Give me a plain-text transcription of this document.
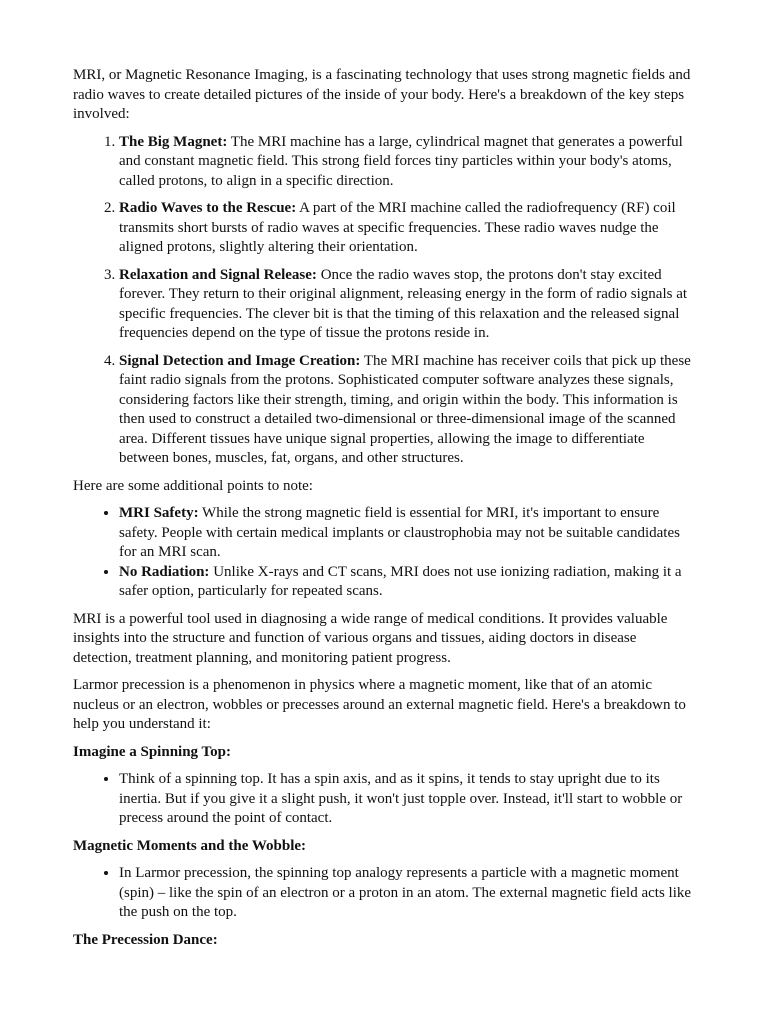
MRI, or Magnetic Resonance Imaging, is a fascinating technology that uses strong magnetic fields and radio waves to create detailed pictures of the inside of your body. Here's a breakdown of the key steps involved:

1. The Big Magnet: The MRI machine has a large, cylindrical magnet that generates a powerful and constant magnetic field. This strong field forces tiny particles within your body's atoms, called protons, to align in a specific direction.
2. Radio Waves to the Rescue: A part of the MRI machine called the radiofrequency (RF) coil transmits short bursts of radio waves at specific frequencies. These radio waves nudge the aligned protons, slightly altering their orientation.
3. Relaxation and Signal Release: Once the radio waves stop, the protons don't stay excited forever. They return to their original alignment, releasing energy in the form of radio signals at specific frequencies. The clever bit is that the timing of this relaxation and the released signal frequencies depend on the type of tissue the protons reside in.
4. Signal Detection and Image Creation: The MRI machine has receiver coils that pick up these faint radio signals from the protons. Sophisticated computer software analyzes these signals, considering factors like their strength, timing, and origin within the body. This information is then used to construct a detailed two-dimensional or three-dimensional image of the scanned area. Different tissues have unique signal properties, allowing the image to differentiate between bones, muscles, fat, organs, and other structures.

Here are some additional points to note:

• MRI Safety: While the strong magnetic field is essential for MRI, it's important to ensure safety. People with certain medical implants or claustrophobia may not be suitable candidates for an MRI scan.
• No Radiation: Unlike X-rays and CT scans, MRI does not use ionizing radiation, making it a safer option, particularly for repeated scans.

MRI is a powerful tool used in diagnosing a wide range of medical conditions. It provides valuable insights into the structure and function of various organs and tissues, aiding doctors in disease detection, treatment planning, and monitoring patient progress.

Larmor precession is a phenomenon in physics where a magnetic moment, like that of an atomic nucleus or an electron, wobbles or precesses around an external magnetic field. Here's a breakdown to help you understand it:

Imagine a Spinning Top:

• Think of a spinning top. It has a spin axis, and as it spins, it tends to stay upright due to its inertia. But if you give it a slight push, it won't just topple over. Instead, it'll start to wobble or precess around the point of contact.

Magnetic Moments and the Wobble:

• In Larmor precession, the spinning top analogy represents a particle with a magnetic moment (spin) – like the spin of an electron or a proton in an atom. The external magnetic field acts like the push on the top.

The Precession Dance:
